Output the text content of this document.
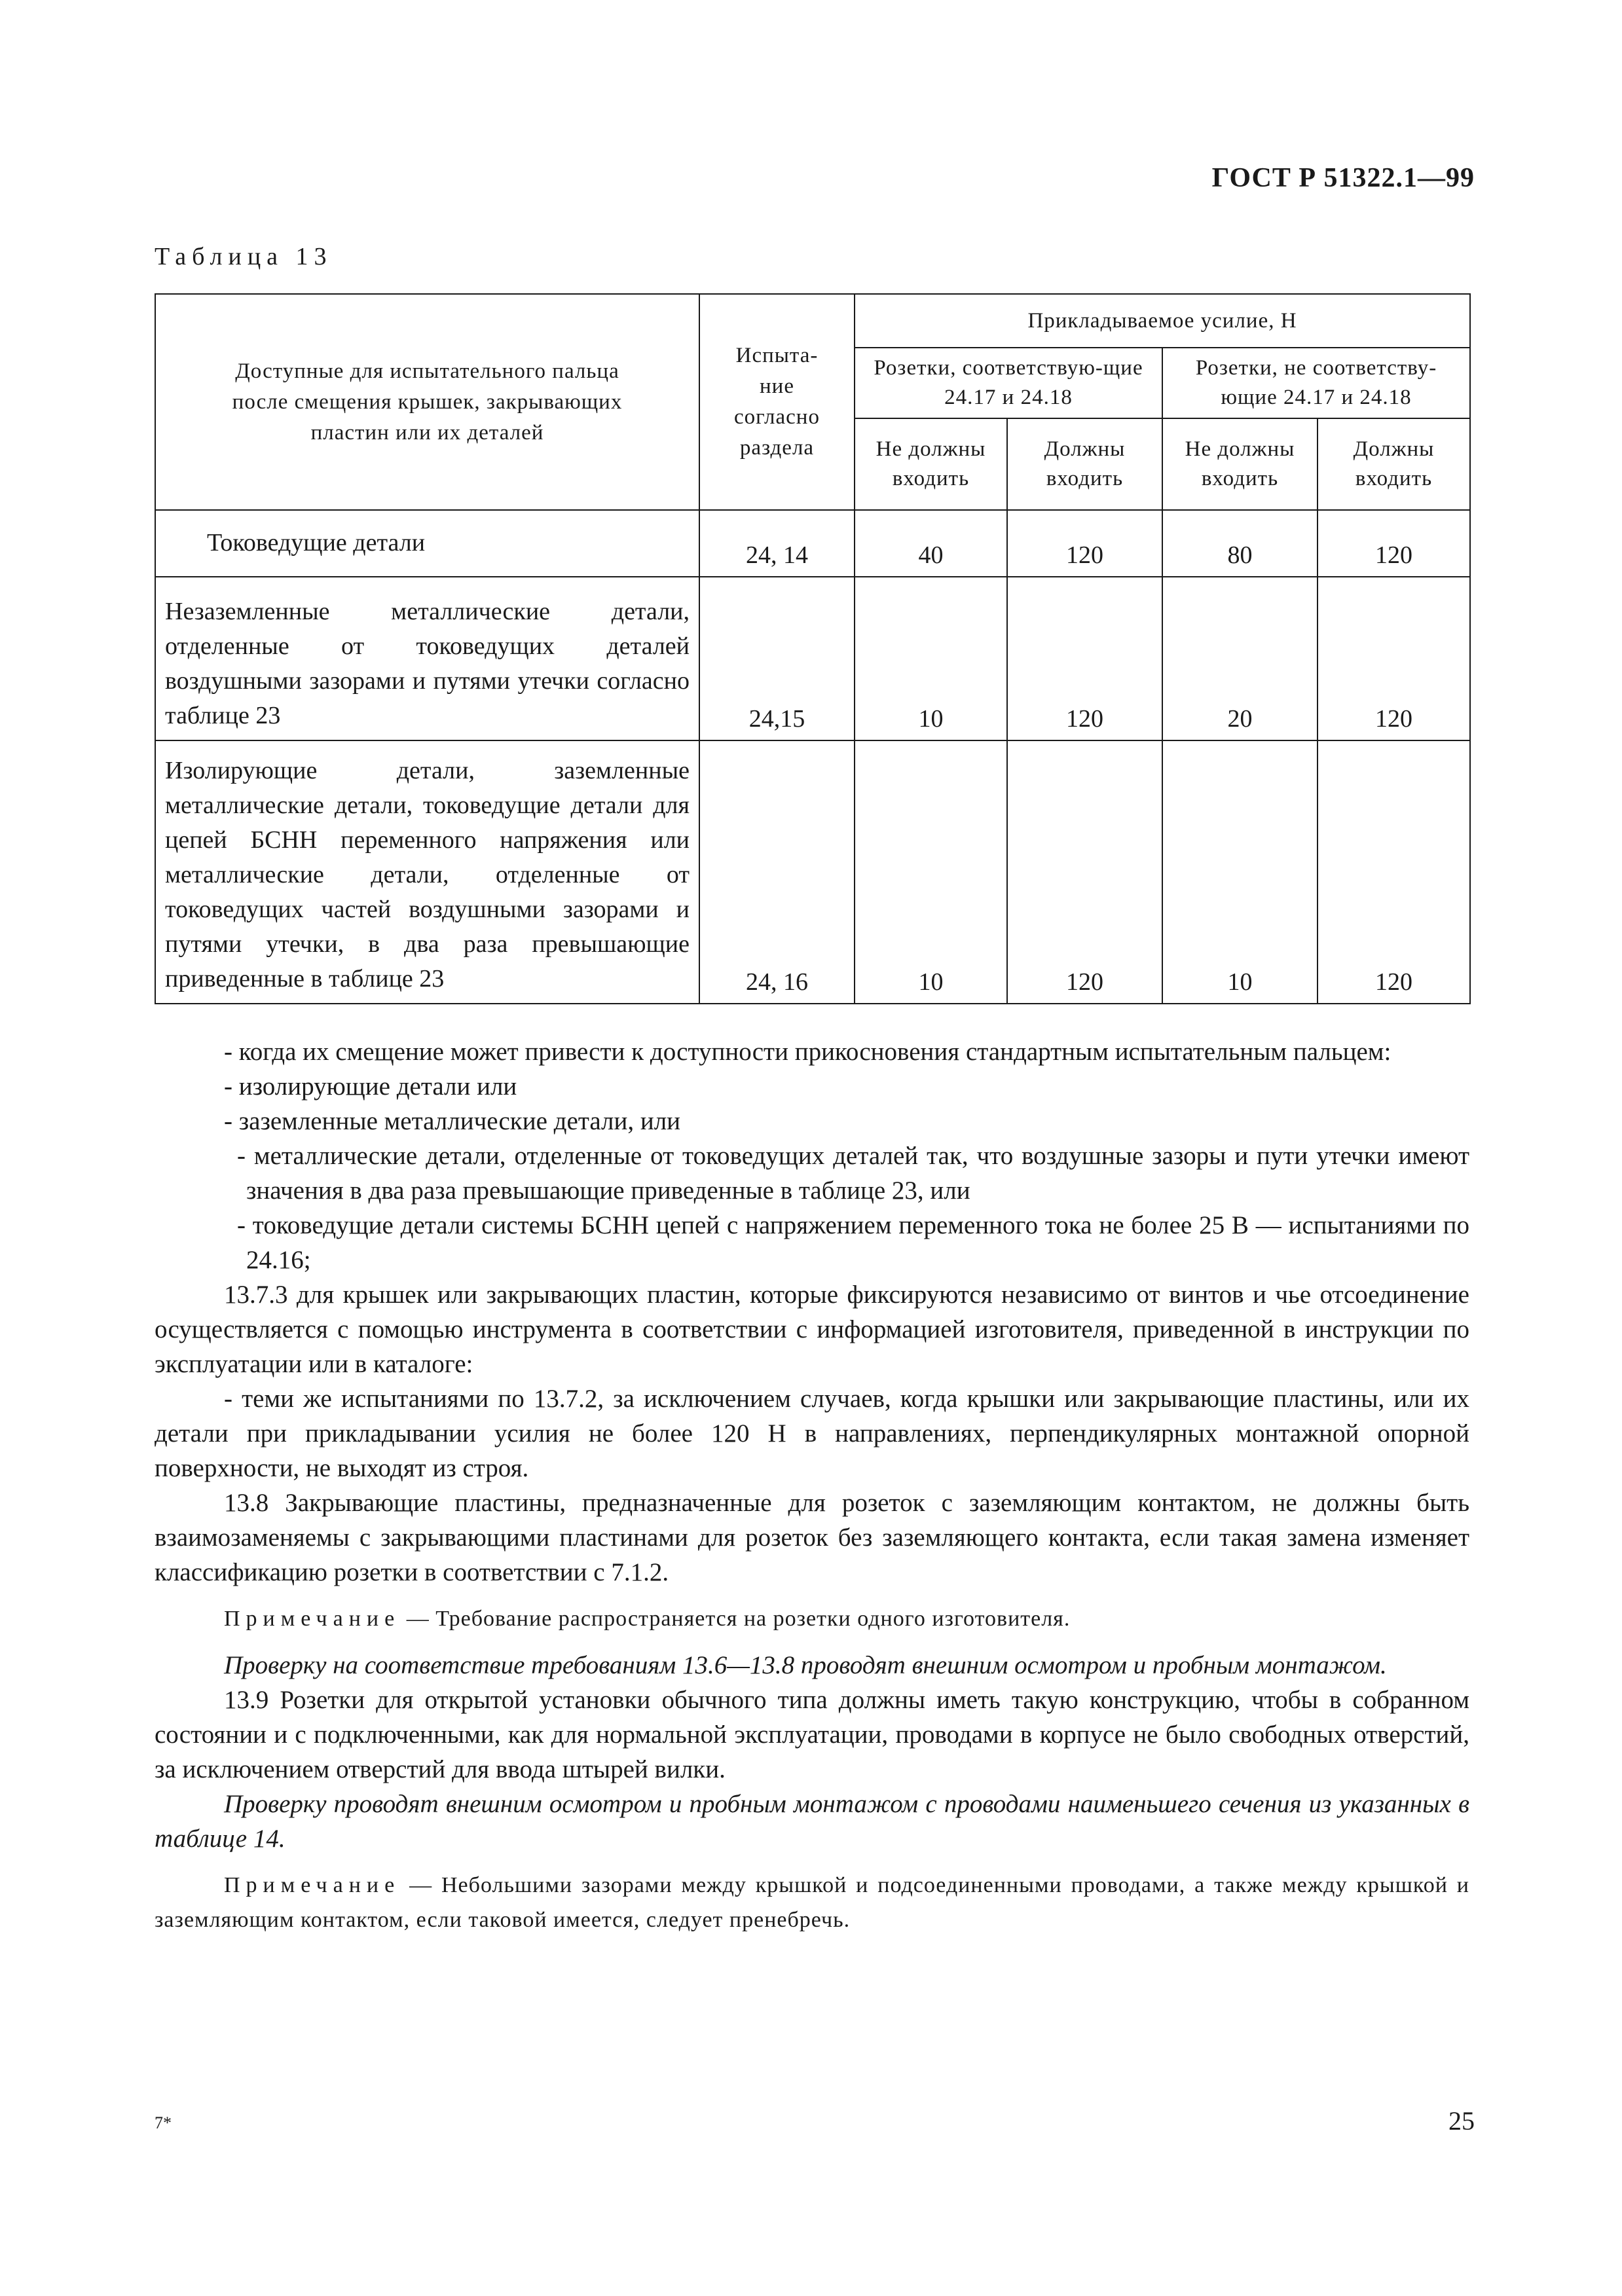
ГОСТ Р 51322.1—99
Таблица 13
Доступные для испытательного пальца после смещения крышек, закрывающих пластин или их деталей	Испыта-ние согласно раздела	Прикладываемое усилие, Н			
		Розетки, соответствую-щие 24.17 и 24.18		Розетки, не соответству-ющие 24.17 и 24.18	
		Не должны входить	Должны входить	Не должны входить	Должны входить
Токоведущие детали	24, 14	40	120	80	120
Незаземленные металлические детали, отделенные от токоведущих деталей воздушными зазорами и путями утечки согласно таблице 23	24,15	10	120	20	120
Изолирующие детали, заземленные металлические детали, токоведущие детали для цепей БСНН переменного напряжения или металлические детали, отделенные от токоведущих частей воздушными зазорами и путями утечки, в два раза превышающие приведенные в таблице 23	24, 16	10	120	10	120

- когда их смещение может привести к доступности прикосновения стандартным испытательным пальцем:

- изолирующие детали или

- заземленные металлические детали, или

- металлические детали, отделенные от токоведущих деталей так, что воздушные зазоры и пути утечки имеют значения в два раза превышающие приведенные в таблице 23, или

- токоведущие детали системы БСНН цепей с напряжением переменного тока не более 25 В — испытаниями по 24.16;

13.7.3 для крышек или закрывающих пластин, которые фиксируются независимо от винтов и чье отсоединение осуществляется с помощью инструмента в соответствии с информацией изготовителя, приведенной в инструкции по эксплуатации или в каталоге:

- теми же испытаниями по 13.7.2, за исключением случаев, когда крышки или закрывающие пластины, или их детали при прикладывании усилия не более 120 Н в направлениях, перпендикулярных монтажной опорной поверхности, не выходят из строя.

13.8 Закрывающие пластины, предназначенные для розеток с заземляющим контактом, не должны быть взаимозаменяемы с закрывающими пластинами для розеток без заземляющего контакта, если такая замена изменяет классификацию розетки в соответствии с 7.1.2.

Примечание — Требование распространяется на розетки одного изготовителя.

Проверку на соответствие требованиям 13.6—13.8 проводят внешним осмотром и пробным монтажом.

13.9 Розетки для открытой установки обычного типа должны иметь такую конструкцию, чтобы в собранном состоянии и с подключенными, как для нормальной эксплуатации, проводами в корпусе не было свободных отверстий, за исключением отверстий для ввода штырей вилки.

Проверку проводят внешним осмотром и пробным монтажом с проводами наименьшего сечения из указанных в таблице 14.

Примечание — Небольшими зазорами между крышкой и подсоединенными проводами, а также между крышкой и заземляющим контактом, если таковой имеется, следует пренебречь.

7*	25
